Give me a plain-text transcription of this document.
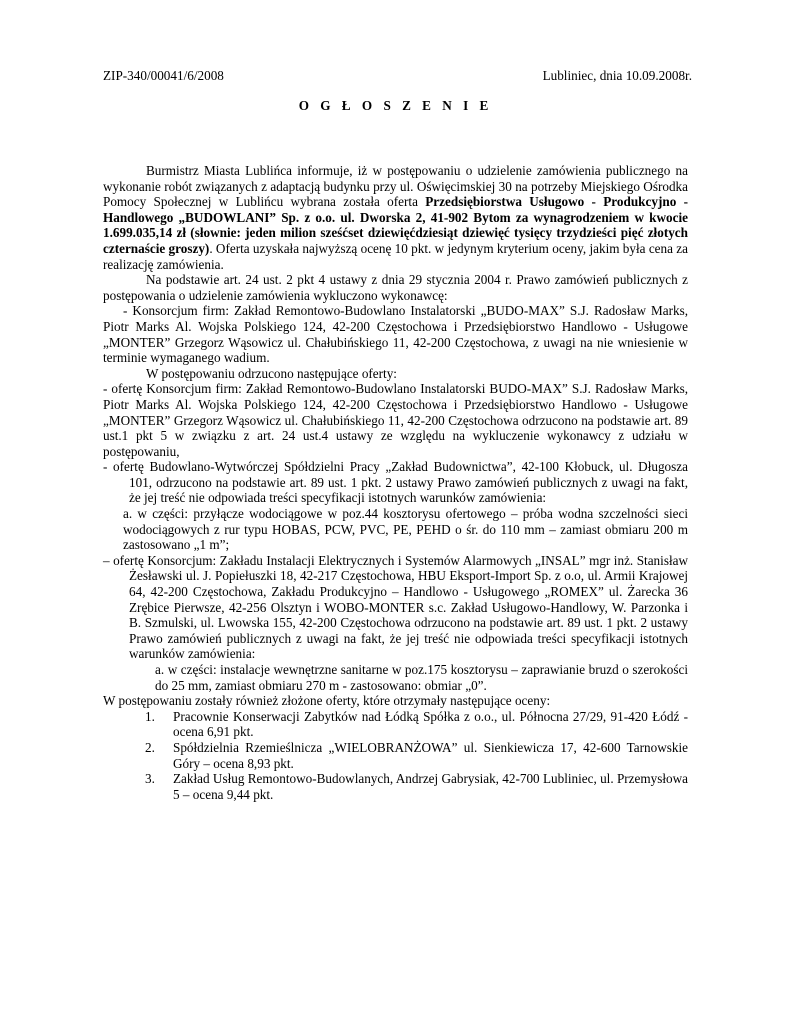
ZIP-340/00041/6/2008	Lubliniec, dnia 10.09.2008r.
O G Ł O S Z E N I E

Burmistrz Miasta Lublińca informuje, iż w postępowaniu o udzielenie zamówienia publicznego na wykonanie robót związanych z adaptacją budynku przy ul. Oświęcimskiej 30 na potrzeby Miejskiego Ośrodka Pomocy Społecznej w Lublińcu wybrana została oferta Przedsiębiorstwa Usługowo - Produkcyjno - Handlowego „BUDOWLANI” Sp. z o.o. ul. Dworska 2, 41-902 Bytom za wynagrodzeniem w kwocie 1.699.035,14 zł (słownie: jeden milion sześćset dziewięćdziesiąt dziewięć tysięcy trzydzieści pięć złotych czternaście groszy). Oferta uzyskała najwyższą ocenę 10 pkt. w jedynym kryterium oceny, jakim była cena za realizację zamówienia.

Na podstawie art. 24 ust. 2 pkt 4 ustawy z dnia 29 stycznia 2004 r. Prawo zamówień publicznych z postępowania o udzielenie zamówienia wykluczono wykonawcę:

- Konsorcjum firm: Zakład Remontowo-Budowlano Instalatorski „BUDO-MAX” S.J. Radosław Marks, Piotr Marks Al. Wojska Polskiego 124, 42-200 Częstochowa i Przedsiębiorstwo Handlowo - Usługowe „MONTER” Grzegorz Wąsowicz ul. Chałubińskiego 11, 42-200 Częstochowa, z uwagi na nie wniesienie w terminie wymaganego wadium.

W postępowaniu odrzucono następujące oferty:

- ofertę Konsorcjum firm: Zakład Remontowo-Budowlano Instalatorski BUDO-MAX” S.J. Radosław Marks, Piotr Marks Al. Wojska Polskiego 124, 42-200 Częstochowa i Przedsiębiorstwo Handlowo - Usługowe „MONTER” Grzegorz Wąsowicz ul. Chałubińskiego 11, 42-200 Częstochowa odrzucono na podstawie art. 89 ust.1 pkt 5 w związku z art. 24 ust.4 ustawy ze względu na wykluczenie wykonawcy z udziału w postępowaniu,

- ofertę Budowlano-Wytwórczej Spółdzielni Pracy „Zakład Budownictwa”, 42-100 Kłobuck, ul. Długosza 101, odrzucono na podstawie art. 89 ust. 1 pkt. 2 ustawy Prawo zamówień publicznych z uwagi na fakt, że jej treść nie odpowiada treści specyfikacji istotnych warunków zamówienia:

a. w części: przyłącze wodociągowe w poz.44 kosztorysu ofertowego – próba wodna szczelności sieci wodociągowych z rur typu HOBAS, PCW, PVC, PE, PEHD o śr. do 110 mm – zamiast obmiaru 200 m zastosowano „1 m”;

– ofertę Konsorcjum: Zakładu Instalacji Elektrycznych i Systemów Alarmowych „INSAL” mgr inż. Stanisław Żesławski ul. J. Popiełuszki 18, 42-217 Częstochowa, HBU Eksport-Import Sp. z o.o, ul. Armii Krajowej 64, 42-200 Częstochowa, Zakładu Produkcyjno – Handlowo - Usługowego „ROMEX” ul. Żarecka 36 Zrębice Pierwsze, 42-256 Olsztyn i WOBO-MONTER s.c. Zakład Usługowo-Handlowy, W. Parzonka i B. Szmulski, ul. Lwowska 155, 42-200 Częstochowa odrzucono na podstawie art. 89 ust. 1 pkt. 2 ustawy Prawo zamówień publicznych z uwagi na fakt, że jej treść nie odpowiada treści specyfikacji istotnych warunków zamówienia:

a. w części: instalacje wewnętrzne sanitarne w poz.175 kosztorysu – zaprawianie bruzd o szerokości do 25 mm, zamiast obmiaru 270 m - zastosowano: obmiar „0”.

W postępowaniu zostały również złożone oferty, które otrzymały następujące oceny:

1. Pracownie Konserwacji Zabytków nad Łódką Spółka z o.o., ul. Północna 27/29, 91-420 Łódź - ocena 6,91 pkt.
2. Spółdzielnia Rzemieślnicza „WIELOBRANŻOWA” ul. Sienkiewicza 17, 42-600 Tarnowskie Góry – ocena 8,93 pkt.
3. Zakład Usług Remontowo-Budowlanych, Andrzej Gabrysiak, 42-700 Lubliniec, ul. Przemysłowa 5 – ocena 9,44 pkt.
